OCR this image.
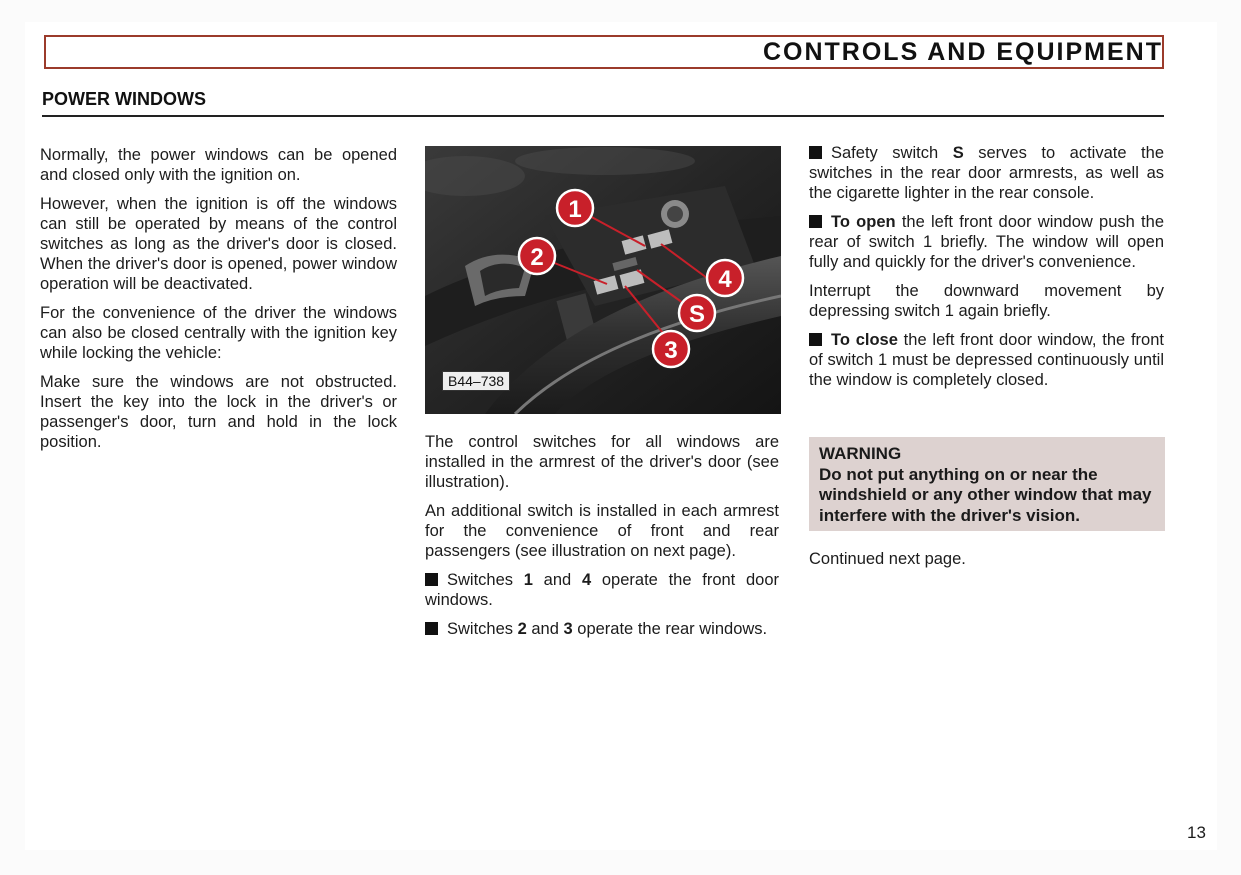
CONTROLS AND EQUIPMENT
POWER WINDOWS

Normally, the power windows can be opened and closed only with the ignition on.

However, when the ignition is off the windows can still be operated by means of the control switches as long as the driver's door is closed. When the driver's door is opened, power window operation will be deactivated.

For the convenience of the driver the windows can also be closed centrally with the ignition key while locking the vehicle:

Make sure the windows are not obstructed. Insert the key into the lock in the driver's or passenger's door, turn and hold in the lock position.

1
2
4
S
3
B44–738

The control switches for all windows are installed in the armrest of the driver's door (see illustration).

An additional switch is installed in each armrest for the convenience of front and rear passengers (see illustration on next page).

Switches 1 and 4 operate the front door windows.

Switches 2 and 3 operate the rear windows.

Safety switch S serves to activate the switches in the rear door armrests, as well as the cigarette lighter in the rear console.

To open the left front door window push the rear of switch 1 briefly. The window will open fully and quickly for the driver's convenience.

Interrupt the downward movement by depressing switch 1 again briefly.

To close the left front door window, the front of switch 1 must be depressed continuously until the window is completely closed.

WARNING
Do not put anything on or near the windshield or any other window that may interfere with the driver's vision.
Continued next page.
13
